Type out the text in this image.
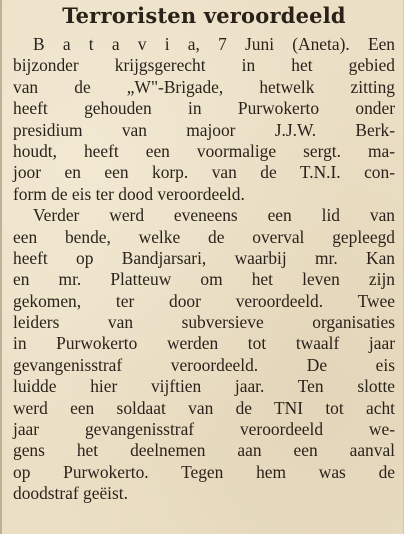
Terroristen veroordeeld
B a t a v i a, 7 Juni (Aneta). Een
bijzonder krijgsgerecht in het gebied
van de „W"-Brigade, hetwelk zitting
heeft gehouden in Purwokerto onder
presidium van majoor J.J.W. Berk-
houdt, heeft een voormalige sergt. ma-
joor en een korp. van de T.N.I. con-
form de eis ter dood veroordeeld.
Verder werd eveneens een lid van
een bende, welke de overval gepleegd
heeft op Bandjarsari, waarbij mr. Kan
en mr. Platteuw om het leven zijn
gekomen, ter door veroordeeld. Twee
leiders van subversieve organisaties
in Purwokerto werden tot twaalf jaar
gevangenisstraf veroordeeld. De eis
luidde hier vijftien jaar. Ten slotte
werd een soldaat van de TNI tot acht
jaar gevangenisstraf veroordeeld we-
gens het deelnemen aan een aanval
op Purwokerto. Tegen hem was de
doodstraf geëist.
